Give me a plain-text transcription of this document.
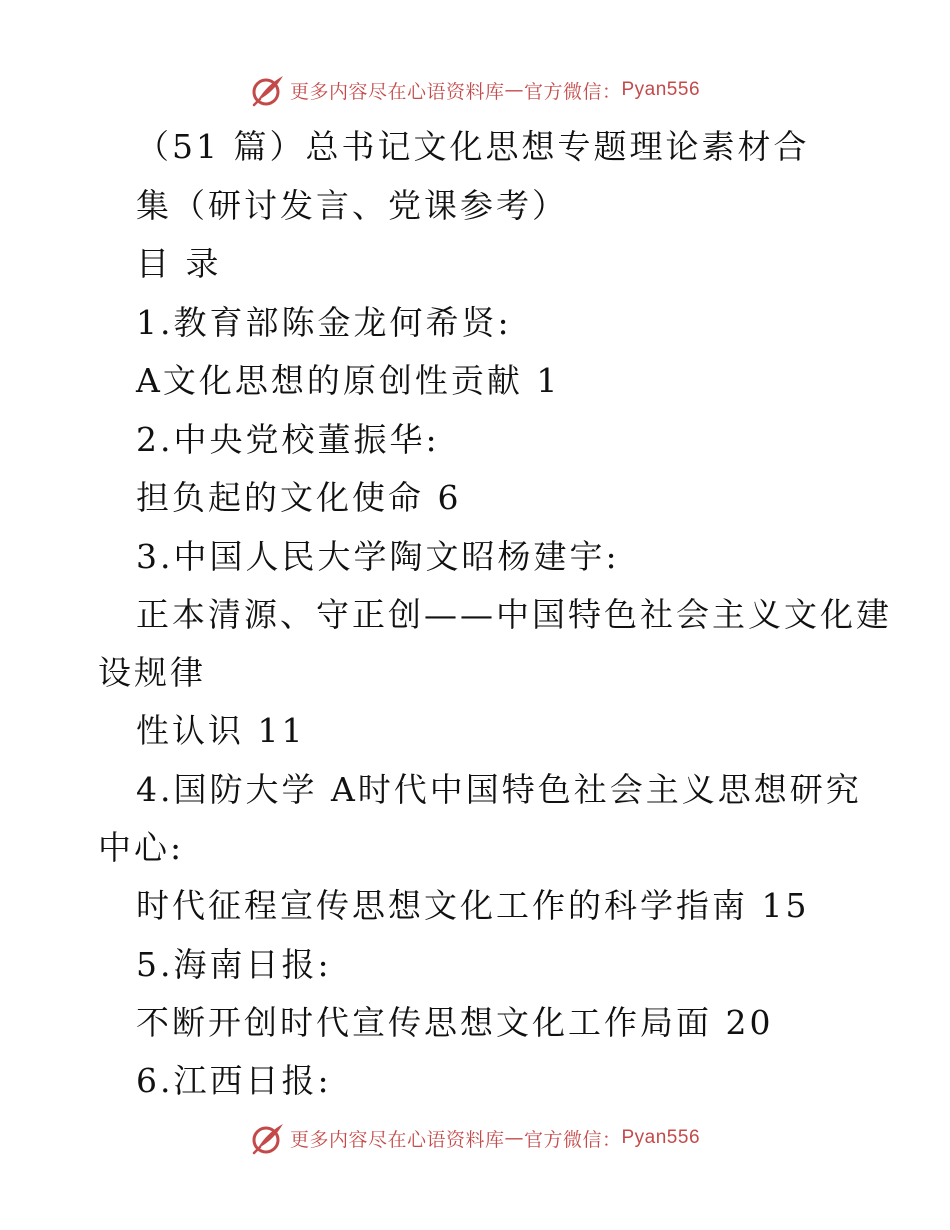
更多内容尽在心语资料库 — 官方微信： Pyan556
（51 篇）总书记文化思想专题理论素材合
集（研讨发言、党课参考）
目 录
1.教育部陈金龙何希贤:
A文化思想的原创性贡献 1
2.中央党校董振华:
担负起的文化使命 6
3.中国人民大学陶文昭杨建宇:
正本清源、守正创——中国特色社会主义文化建
设规律
性认识 11
4.国防大学 A时代中国特色社会主义思想研究
中心:
时代征程宣传思想文化工作的科学指南 15
5.海南日报:
不断开创时代宣传思想文化工作局面 20
6.江西日报:
更多内容尽在心语资料库 — 官方微信： Pyan556
